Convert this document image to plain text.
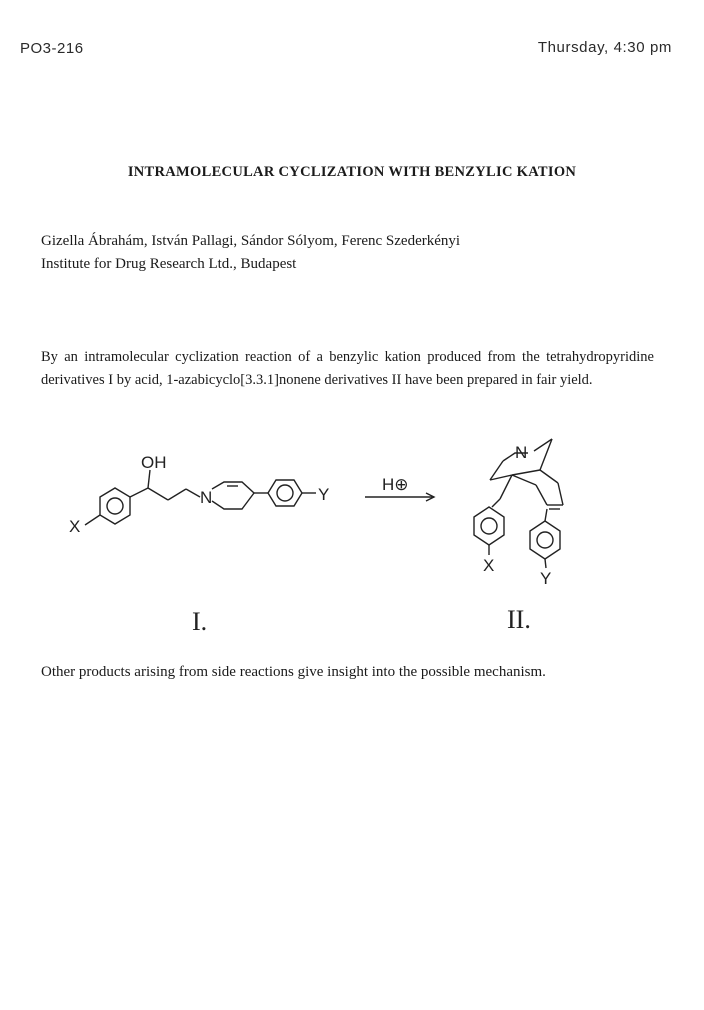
PO3-216	Thursday, 4:30 pm
INTRAMOLECULAR CYCLIZATION WITH BENZYLIC KATION
Gizella Ábrahám, István Pallagi, Sándor Sólyom, Ferenc Szederkényi
Institute for Drug Research Ltd., Budapest

By an intramolecular cyclization reaction of a benzylic kation produced from the tetrahydropyridine derivatives I by acid, 1-azabicyclo[3.3.1]nonene derivatives II have been prepared in fair yield.

X
OH
N	Y
H⊕
N
X
Y
I.	II.
Other products arising from side reactions give insight into the possible mechanism.
